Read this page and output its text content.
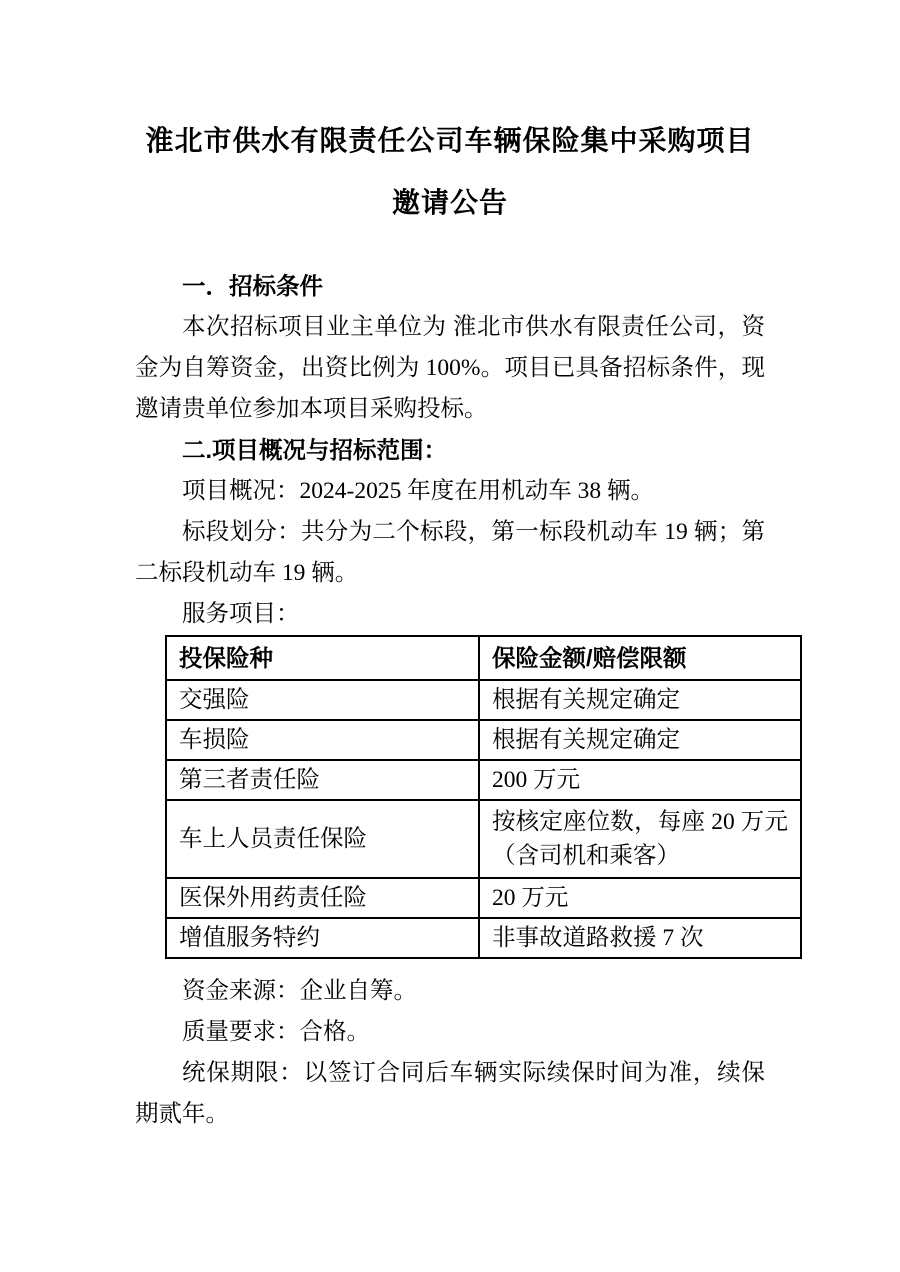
淮北市供水有限责任公司车辆保险集中采购项目
邀请公告
一．招标条件

本次招标项目业主单位为 淮北市供水有限责任公司，资金为自筹资金，出资比例为 100%。项目已具备招标条件，现邀请贵单位参加本项目采购投标。

二.项目概况与招标范围：

项目概况：2024-2025 年度在用机动车 38 辆。

标段划分：共分为二个标段，第一标段机动车 19 辆；第二标段机动车 19 辆。

服务项目：

投保险种	保险金额/赔偿限额
交强险	根据有关规定确定
车损险	根据有关规定确定
第三者责任险	200 万元
车上人员责任保险	按核定座位数，每座 20 万元（含司机和乘客）
医保外用药责任险	20 万元
增值服务特约	非事故道路救援 7 次

资金来源：企业自筹。

质量要求：合格。

统保期限：以签订合同后车辆实际续保时间为准，续保期贰年。
